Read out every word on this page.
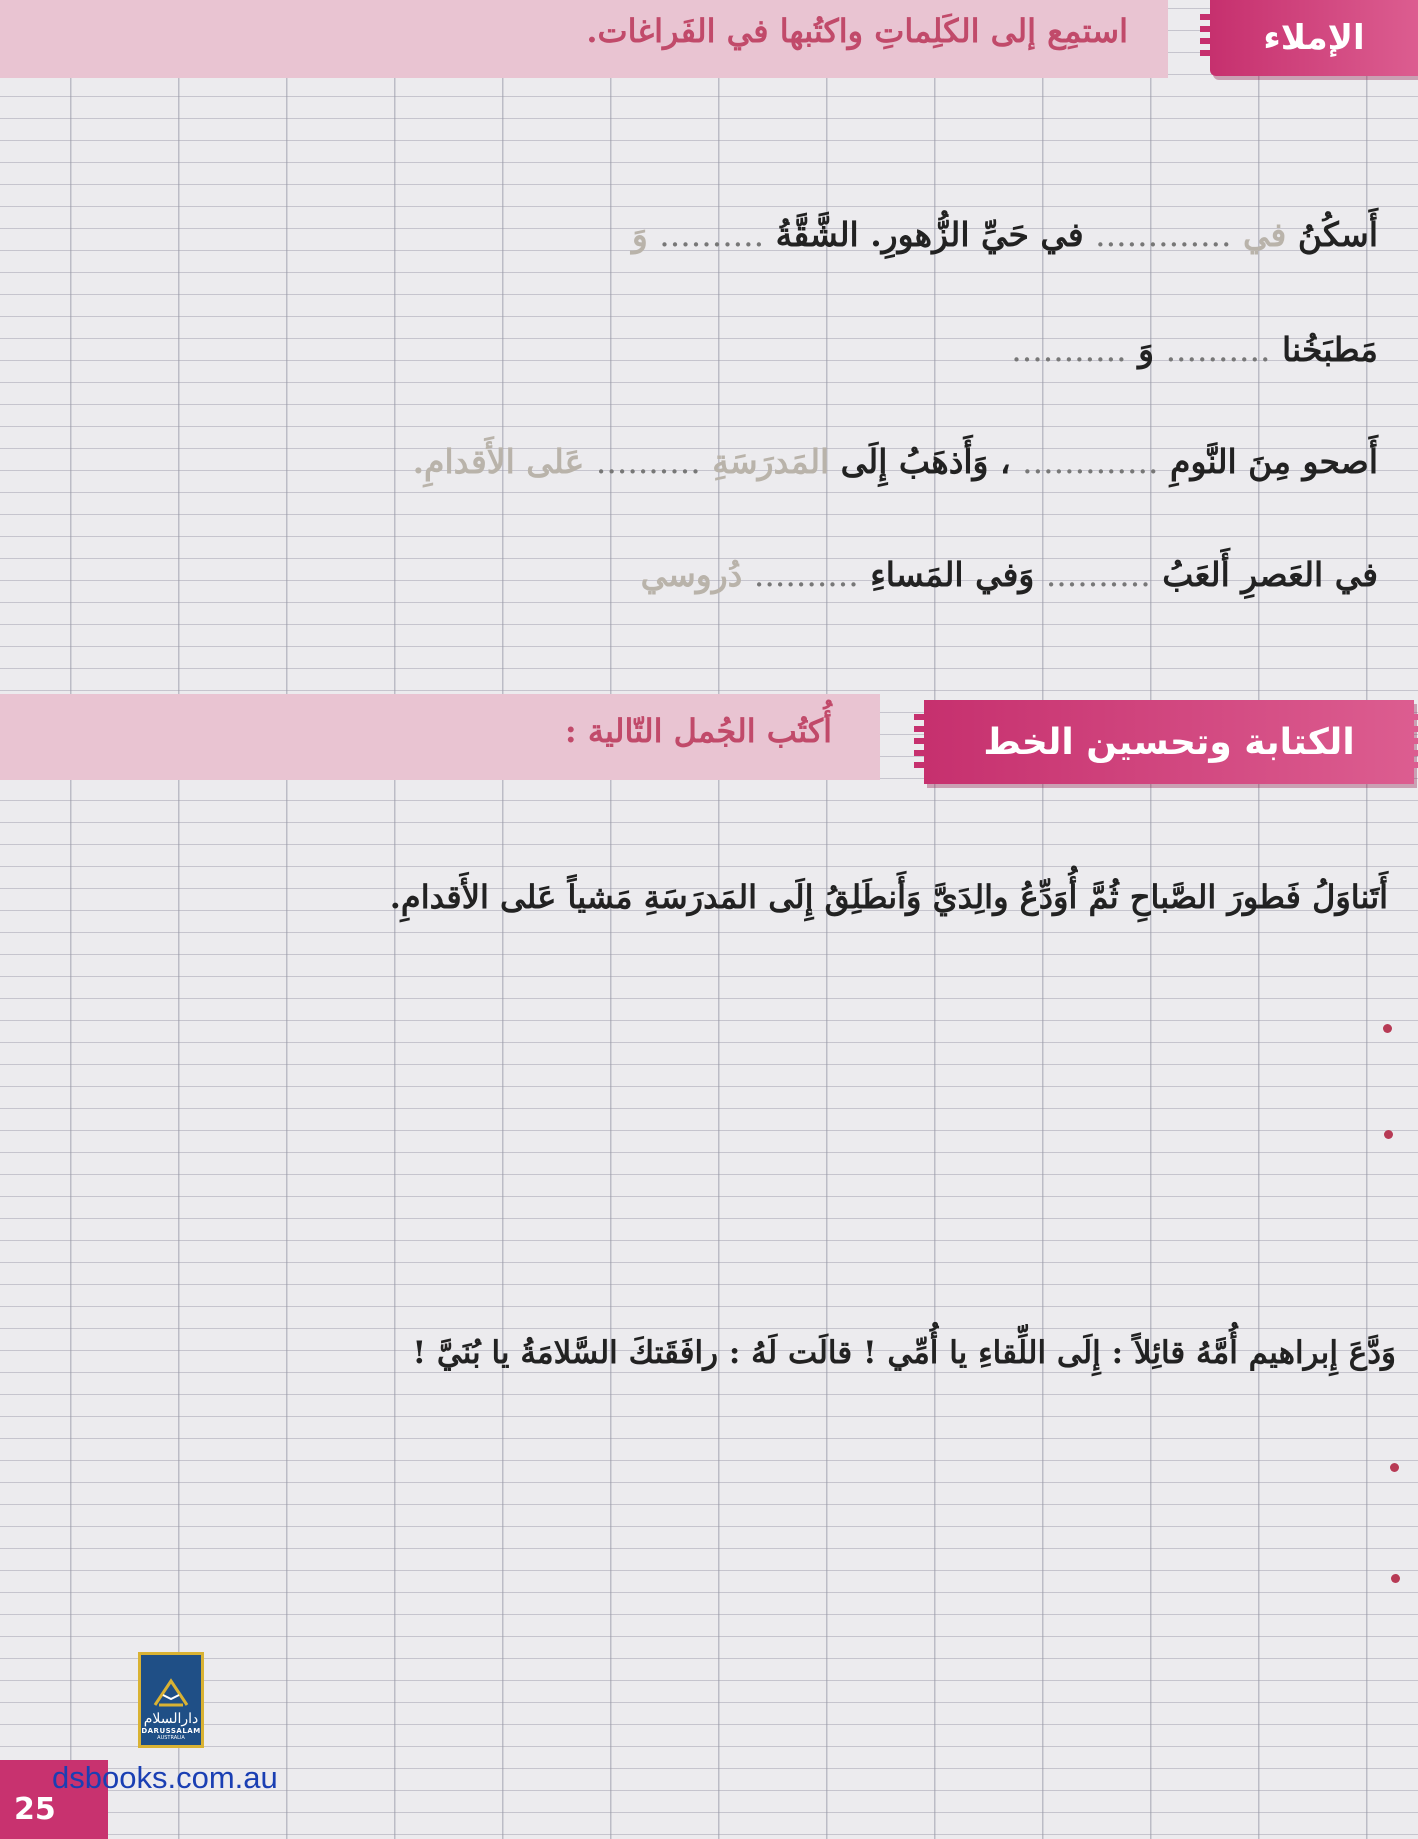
استمِع إلى الكَلِماتِ واكتُبها في الفَراغات.	الإملاء
أَسكُنُ في ............. في حَيِّ الزُّهورِ. الشَّقَّةُ .......... وَ
مَطبَخُنا .......... وَ ...........
أَصحو مِنَ النَّومِ ............. ، وَأَذهَبُ إِلَى المَدرَسَةِ .......... عَلى الأَقدامِ.
في العَصرِ أَلعَبُ .......... وَفي المَساءِ .......... دُروسي
أُكتُب الجُمل التّالية :	الكتابة وتحسين الخط
أَتَناوَلُ فَطورَ الصَّباحِ ثُمَّ أُوَدِّعُ والِدَيَّ وَأَنطَلِقُ إِلَى المَدرَسَةِ مَشياً عَلى الأَقدامِ.
وَدَّعَ إِبراهيم أُمَّهُ قائِلاً : إِلَى اللِّقاءِ يا أُمِّي ! قالَت لَهُ : رافَقَتكَ السَّلامَةُ يا بُنَيَّ !
دارالسلام
DARUSSALAM
AUSTRALIA
25
dsbooks.com.au
